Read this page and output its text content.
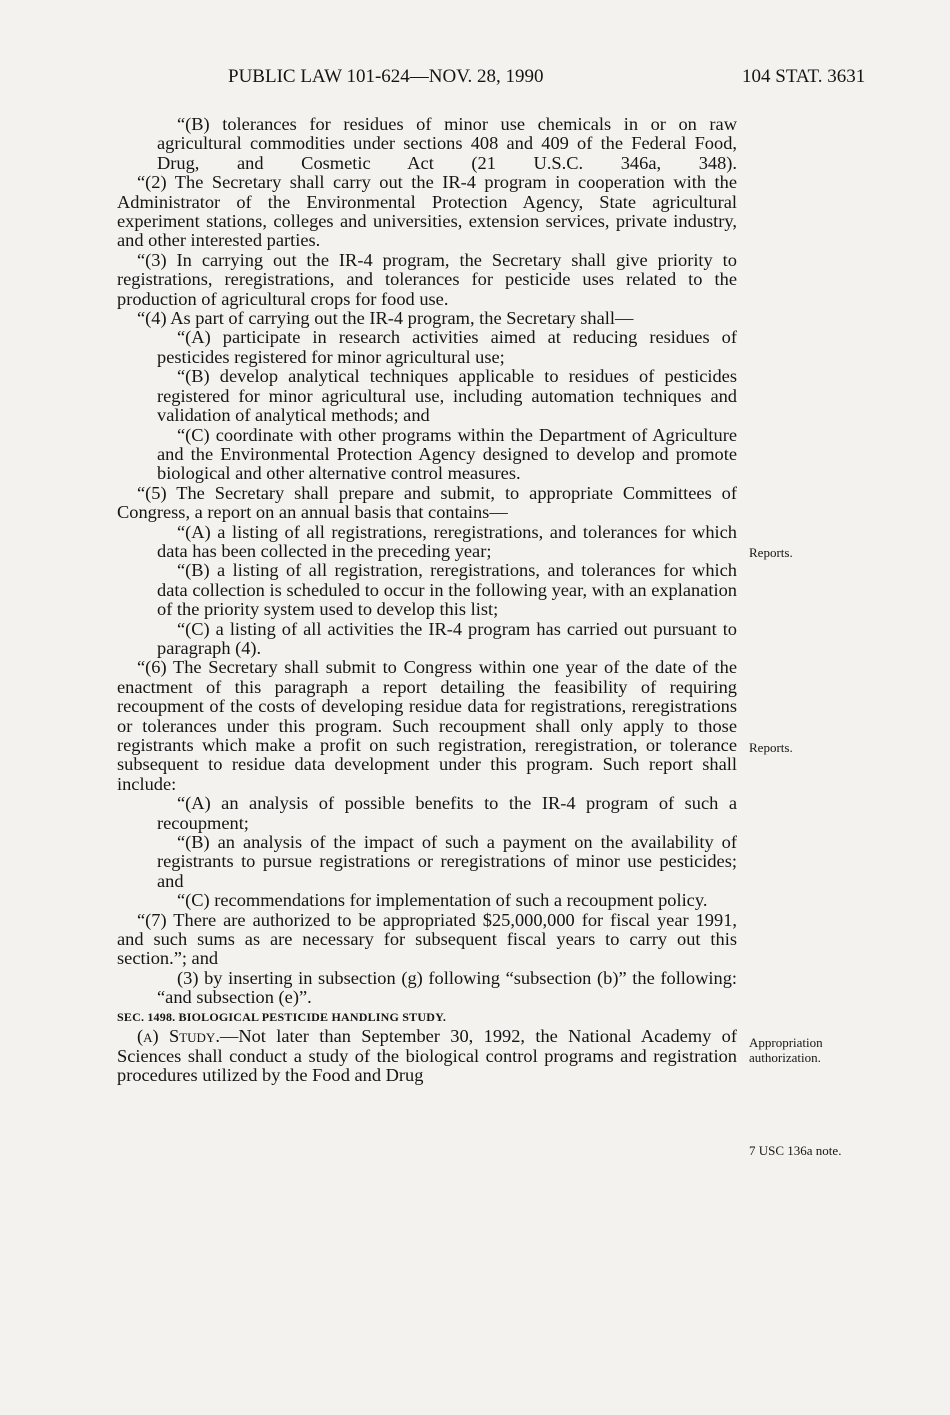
PUBLIC LAW 101-624—NOV. 28, 1990	104 STAT. 3631

“(B) tolerances for residues of minor use chemicals in or on raw agricultural commodities under sections 408 and 409 of the Federal Food, Drug, and Cosmetic Act (21 U.S.C. 346a, 348).

“(2) The Secretary shall carry out the IR-4 program in cooperation with the Administrator of the Environmental Protection Agency, State agricultural experiment stations, colleges and universities, extension services, private industry, and other interested parties.

“(3) In carrying out the IR-4 program, the Secretary shall give priority to registrations, reregistrations, and tolerances for pesticide uses related to the production of agricultural crops for food use.

“(4) As part of carrying out the IR-4 program, the Secretary shall—

“(A) participate in research activities aimed at reducing residues of pesticides registered for minor agricultural use;

“(B) develop analytical techniques applicable to residues of pesticides registered for minor agricultural use, including automation techniques and validation of analytical methods; and

“(C) coordinate with other programs within the Department of Agriculture and the Environmental Protection Agency designed to develop and promote biological and other alternative control measures.

“(5) The Secretary shall prepare and submit, to appropriate Committees of Congress, a report on an annual basis that contains—

“(A) a listing of all registrations, reregistrations, and tolerances for which data has been collected in the preceding year;

“(B) a listing of all registration, reregistrations, and tolerances for which data collection is scheduled to occur in the following year, with an explanation of the priority system used to develop this list;

“(C) a listing of all activities the IR-4 program has carried out pursuant to paragraph (4).

“(6) The Secretary shall submit to Congress within one year of the date of the enactment of this paragraph a report detailing the feasibility of requiring recoupment of the costs of developing residue data for registrations, reregistrations or tolerances under this program. Such recoupment shall only apply to those registrants which make a profit on such registration, reregistration, or tolerance subsequent to residue data development under this program. Such report shall include:

“(A) an analysis of possible benefits to the IR-4 program of such a recoupment;

“(B) an analysis of the impact of such a payment on the availability of registrants to pursue registrations or reregistrations of minor use pesticides; and

“(C) recommendations for implementation of such a recoupment policy.

“(7) There are authorized to be appropriated $25,000,000 for fiscal year 1991, and such sums as are necessary for subsequent fiscal years to carry out this section.”; and

(3) by inserting in subsection (g) following “subsection (b)” the following: “and subsection (e)”.

SEC. 1498. BIOLOGICAL PESTICIDE HANDLING STUDY.

(a) Study.—Not later than September 30, 1992, the National Academy of Sciences shall conduct a study of the biological control programs and registration procedures utilized by the Food and Drug

Reports.
Reports.
Appropriation
authorization.
7 USC 136a note.
